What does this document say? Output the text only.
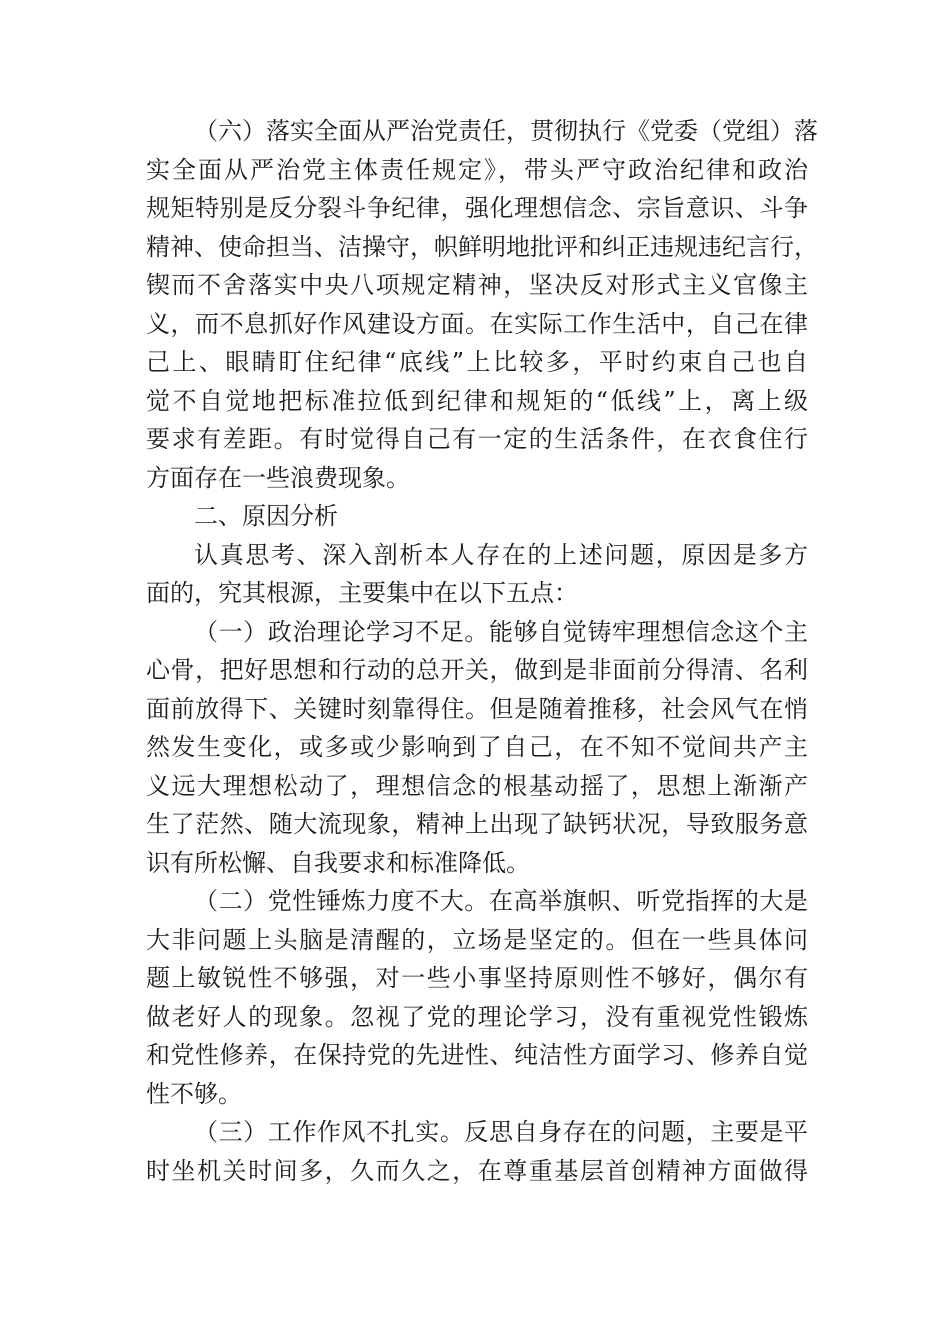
（六）落实全面从严治党责任，贯彻执行《党委（党组）落
实全面从严治党主体责任规定》，带头严守政治纪律和政治
规矩特别是反分裂斗争纪律，强化理想信念、宗旨意识、斗争
精神、使命担当、洁操守，帜鲜明地批评和纠正违规违纪言行，
锲而不舍落实中央八项规定精神，坚决反对形式主义官像主
义，而不息抓好作风建设方面。在实际工作生活中，自己在律
己上、眼睛盯住纪律“底线”上比较多，平时约束自己也自
觉不自觉地把标准拉低到纪律和规矩的“低线”上，离上级
要求有差距。有时觉得自己有一定的生活条件，在衣食住行
方面存在一些浪费现象。
二、原因分析
认真思考、深入剖析本人存在的上述问题，原因是多方
面的，究其根源，主要集中在以下五点：
（一）政治理论学习不足。能够自觉铸牢理想信念这个主
心骨，把好思想和行动的总开关，做到是非面前分得清、名利
面前放得下、关键时刻靠得住。但是随着推移，社会风气在悄
然发生变化，或多或少影响到了自己，在不知不觉间共产主
义远大理想松动了，理想信念的根基动摇了，思想上渐渐产
生了茫然、随大流现象，精神上出现了缺钙状况，导致服务意
识有所松懈、自我要求和标准降低。
（二）党性锤炼力度不大。在高举旗帜、听党指挥的大是
大非问题上头脑是清醒的，立场是坚定的。但在一些具体问
题上敏锐性不够强，对一些小事坚持原则性不够好，偶尔有
做老好人的现象。忽视了党的理论学习，没有重视党性锻炼
和党性修养，在保持党的先进性、纯洁性方面学习、修养自觉
性不够。
（三）工作作风不扎实。反思自身存在的问题，主要是平
时坐机关时间多，久而久之，在尊重基层首创精神方面做得
